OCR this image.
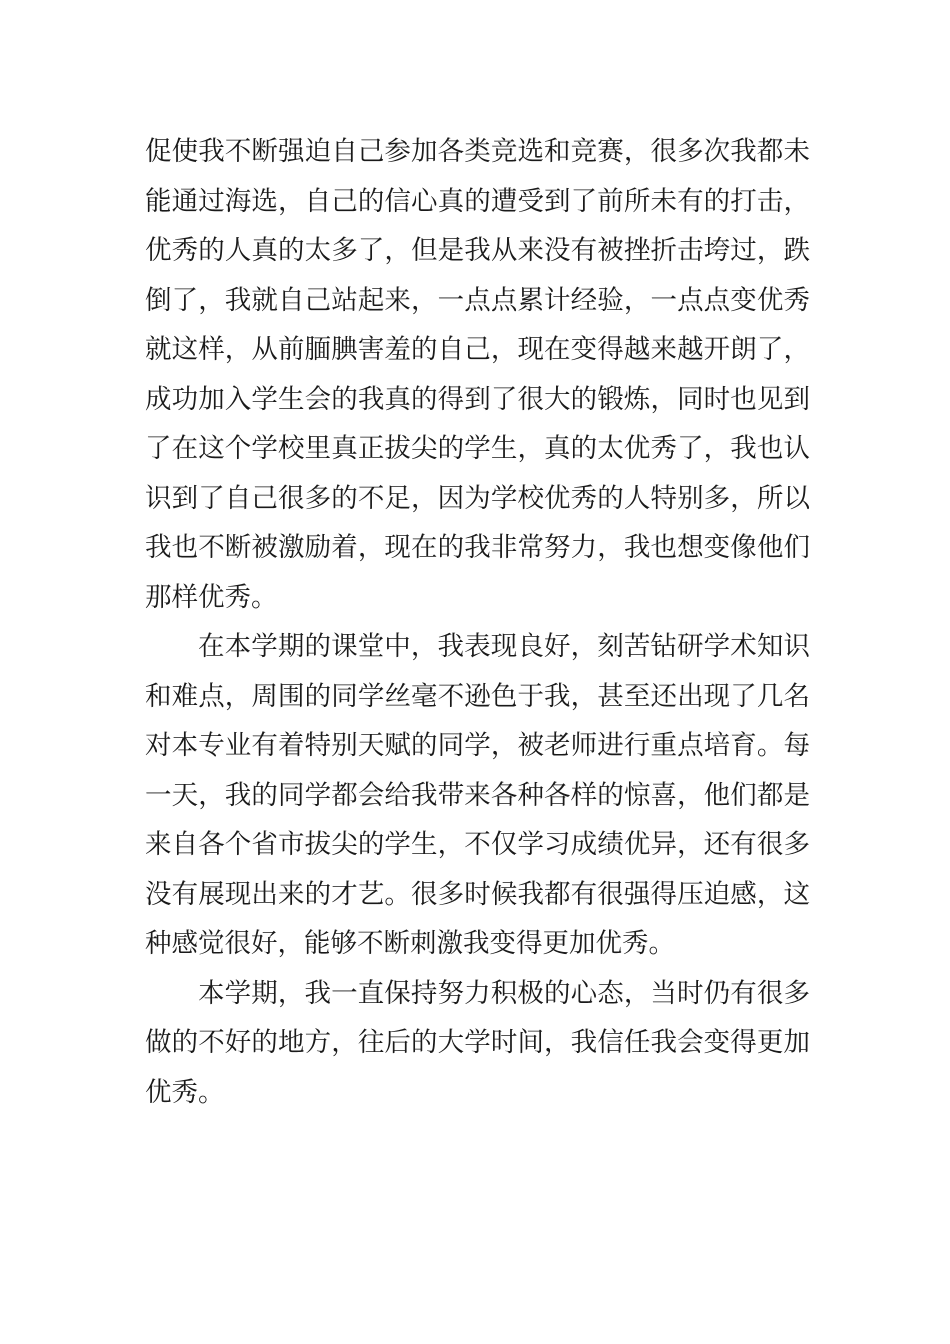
促使我不断强迫自己参加各类竞选和竞赛，很多次我都未
能通过海选，自己的信心真的遭受到了前所未有的打击，
优秀的人真的太多了，但是我从来没有被挫折击垮过，跌
倒了，我就自己站起来，一点点累计经验，一点点变优秀
就这样，从前腼腆害羞的自己，现在变得越来越开朗了，
成功加入学生会的我真的得到了很大的锻炼，同时也见到
了在这个学校里真正拔尖的学生，真的太优秀了，我也认
识到了自己很多的不足，因为学校优秀的人特别多，所以
我也不断被激励着，现在的我非常努力，我也想变像他们
那样优秀。
在本学期的课堂中，我表现良好，刻苦钻研学术知识
和难点，周围的同学丝毫不逊色于我，甚至还出现了几名
对本专业有着特别天赋的同学，被老师进行重点培育。每
一天，我的同学都会给我带来各种各样的惊喜，他们都是
来自各个省市拔尖的学生，不仅学习成绩优异，还有很多
没有展现出来的才艺。很多时候我都有很强得压迫感，这
种感觉很好，能够不断刺激我变得更加优秀。
本学期，我一直保持努力积极的心态，当时仍有很多
做的不好的地方，往后的大学时间，我信任我会变得更加
优秀。
